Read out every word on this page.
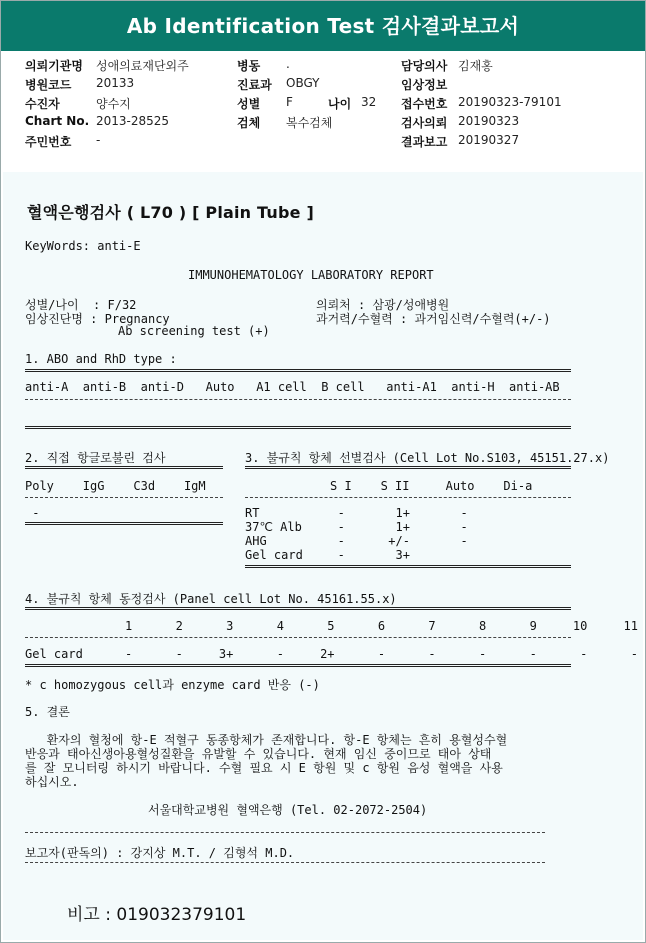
Ab Identification Test 검사결과보고서
의뢰기관명 성애의료재단외주	병동 .	담당의사 김재홍
병원코드 20133	진료과 OBGY	임상정보
수진자	양수지	성별 F	나이 32 접수번호 20190323-79101
Chart No. 2013-28525	검체 복수검체	검사의뢰 20190323
주민번호 -	결과보고 20190327
혈액은행검사 ( L70 ) [ Plain Tube ]
KeyWords: anti-E
IMMUNOHEMATOLOGY LABORATORY REPORT
성별/나이  : F/32	의뢰처 : 삼광/성애병원
임상진단명 : Pregnancy	과거력/수혈력 : 과거임신력/수혈력(+/-)
Ab screening test (+)
1. ABO and RhD type :
anti-A  anti-B  anti-D   Auto   A1 cell  B cell   anti-A1  anti-H  anti-AB
2. 직접 항글로불린 검사
Poly    IgG    C3d    IgM
-
3. 불규칙 항체 선별검사 (Cell Lot No.S103, 45151.27.x)
S I    S II     Auto    Di-a
RT	-       1+       -
37℃ Alb -       1+       -
AHG	-      +/-       -
Gel card -       3+
4. 불규칙 항체 동정검사 (Panel cell Lot No. 45161.55.x)
1      2      3      4      5      6      7      8      9     10     11
Gel card	-      -     3+      -     2+      -      -      -      -      -      -
* c homozygous cell과 enzyme card 반응 (-)
5. 결론
환자의 혈청에 항-E 적혈구 동종항체가 존재합니다. 항-E 항체는 흔히 용혈성수혈
반응과 태아신생아용혈성질환을 유발할 수 있습니다. 현재 임신 중이므로 태아 상태
를 잘 모니터링 하시기 바랍니다. 수혈 필요 시 E 항원 및 c 항원 음성 혈액을 사용
하십시오.
서울대학교병원 혈액은행 (Tel. 02-2072-2504)
보고자(판독의) : 강지상 M.T. / 김형석 M.D.
비고 : 019032379101
